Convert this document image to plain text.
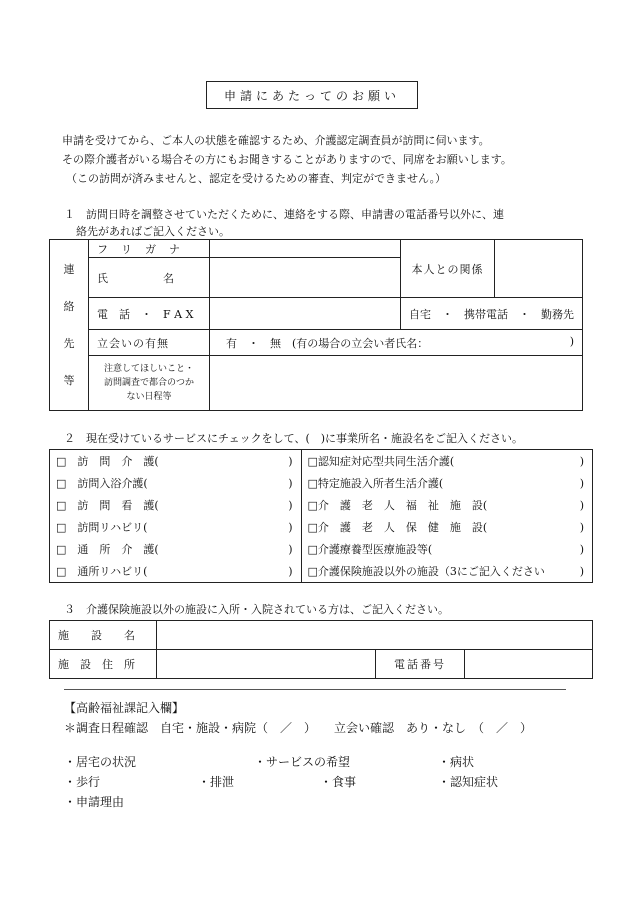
申請にあたってのお願い
申請を受けてから、ご本人の状態を確認するため、介護認定調査員が訪問に伺います。
その際介護者がいる場合その方にもお聞きすることがありますので、同席をお願いします。
（この訪問が済みませんと、認定を受けるための審査、判定ができません。）
１　訪問日時を調整させていただくために、連絡をする際、申請書の電話番号以外に、連
絡先があればご記入ください。
連
絡
先
等	フ　リ　ガ　ナ		本人との関係	
	氏　　　　　名			
	電　話　・　F A X		自宅　・　携帯電話　・　勤務先	
	立会いの有無	有　・　無　(有の場合の立会い者氏名： )		

	注意してほしいこと・
訪問調査で都合のつか
ない日程等			

２　現在受けているサービスにチェックをして、(　)に事業所名・施設名をご記入ください。
□　訪　問　介　護(	)	□認知症対応型共同生活介護(	)
□　訪問入浴介護(	)	□特定施設入所者生活介護(	)
□　訪　問　看　護(	)	□介　護　老　人　福　祉　施　設(	)
□　訪問リハビリ(	)	□介　護　老　人　保　健　施　設(	)
□　通　所　介　護(	)	□介護療養型医療施設等(	)
□　通所リハビリ(	)	□介護保険施設以外の施設（3にご記入ください	)
３　介護保険施設以外の施設に入所・入院されている方は、ご記入ください。
施　　設　　名			
施　設　住　所		電話番号	
【高齢福祉課記入欄】
＊調査日程確認　自宅・施設・病院（　／　）　　立会い確認　あり・なし　（　／　）
・居宅の状況	・サービスの希望	・病状
・歩行	・排泄	・食事	・認知症状
・申請理由
